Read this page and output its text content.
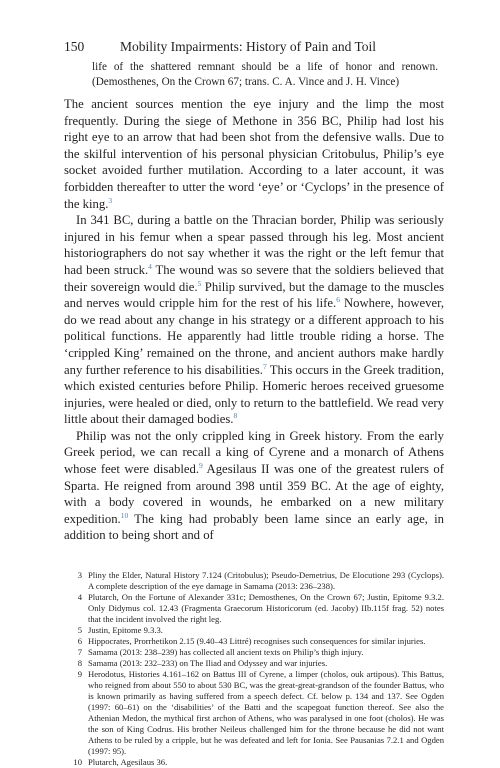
150	Mobility Impairments: History of Pain and Toil
life of the shattered remnant should be a life of honor and renown. (Demosthenes, On the Crown 67; trans. C. A. Vince and J. H. Vince)

The ancient sources mention the eye injury and the limp the most frequently. During the siege of Methone in 356 BC, Philip had lost his right eye to an arrow that had been shot from the defensive walls. Due to the skilful intervention of his personal physician Critobulus, Philip’s eye socket avoided further mutilation. According to a later account, it was forbidden thereafter to utter the word ‘eye’ or ‘Cyclops’ in the presence of the king.$^3$

In 341 BC, during a battle on the Thracian border, Philip was seriously injured in his femur when a spear passed through his leg. Most ancient historiographers do not say whether it was the right or the left femur that had been struck.$^4$ The wound was so severe that the soldiers believed that their sovereign would die.$^5$ Philip survived, but the damage to the muscles and nerves would cripple him for the rest of his life.$^6$ Nowhere, however, do we read about any change in his strategy or a different approach to his political functions. He apparently had little trouble riding a horse. The ‘crippled King’ remained on the throne, and ancient authors make hardly any further reference to his disabilities.$^7$ This occurs in the Greek tradition, which existed centuries before Philip. Homeric heroes received gruesome injuries, were healed or died, only to return to the battlefield. We read very little about their damaged bodies.$^8$

Philip was not the only crippled king in Greek history. From the early Greek period, we can recall a king of Cyrene and a monarch of Athens whose feet were disabled.$^9$ Agesilaus II was one of the greatest rulers of Sparta. He reigned from around 398 until 359 BC. At the age of eighty, with a body covered in wounds, he embarked on a new military expedition.$^{10}$ The king had probably been lame since an early age, in addition to being short and of

3 Pliny the Elder, Natural History 7.124 (Critobulus); Pseudo-Demetrius, De Elocutione 293 (Cyclops). A complete description of the eye damage in Samama (2013: 236–238).
4 Plutarch, On the Fortune of Alexander 331c; Demosthenes, On the Crown 67; Justin, Epitome 9.3.2. Only Didymus col. 12.43 (Fragmenta Graecorum Historicorum (ed. Jacoby) IIb.115f frag. 52) notes that the incident involved the right leg.
5 Justin, Epitome 9.3.3.
6 Hippocrates, Prorrhetikon 2.15 (9.40–43 Littré) recognises such consequences for similar injuries.
7 Samama (2013: 238–239) has collected all ancient texts on Philip’s thigh injury.
8 Samama (2013: 232–233) on The Iliad and Odyssey and war injuries.
9 Herodotus, Histories 4.161–162 on Battus III of Cyrene, a limper (cholos, ouk artipous). This Battus, who reigned from about 550 to about 530 BC, was the great-great-grandson of the founder Battus, who is known primarily as having suffered from a speech defect. Cf. below p. 134 and 137. See Ogden (1997: 60–61) on the ‘disabilities’ of the Batti and the scapegoat function thereof. See also the Athenian Medon, the mythical first archon of Athens, who was paralysed in one foot (cholos). He was the son of King Codrus. His brother Neileus challenged him for the throne because he did not want Athens to be ruled by a cripple, but he was defeated and left for Ionia. See Pausanias 7.2.1 and Ogden (1997: 95).
10 Plutarch, Agesilaus 36.
